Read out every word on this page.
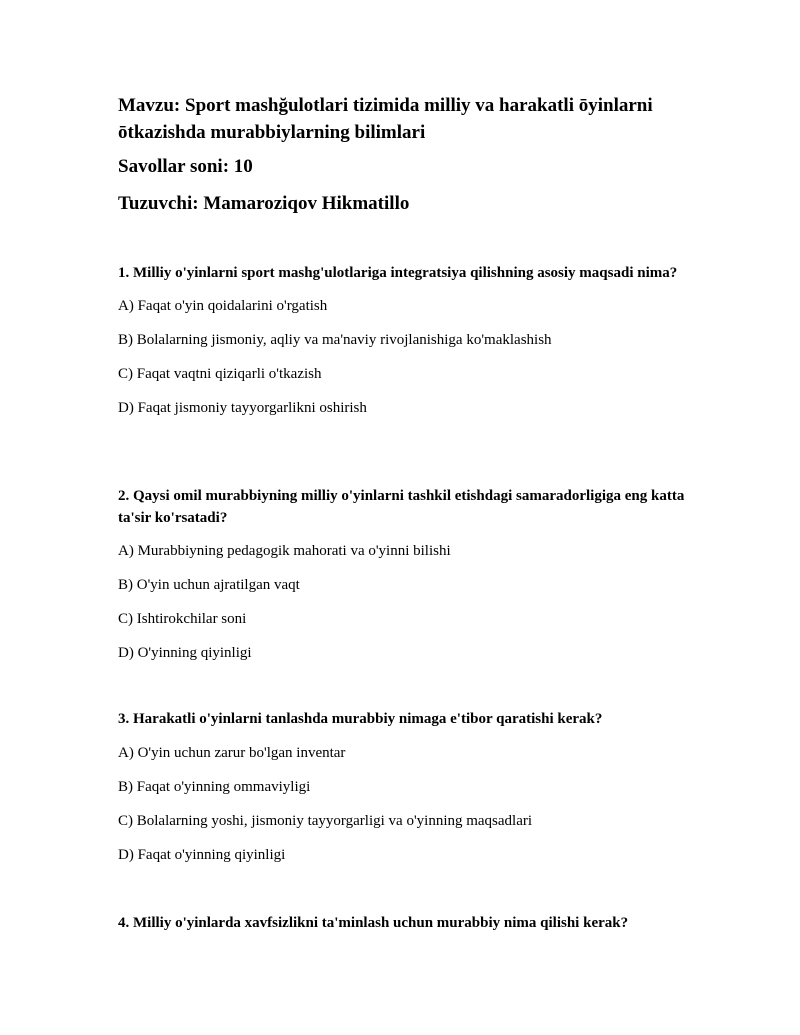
Mavzu: Sport mashğulotlari tizimida milliy va harakatli ōyinlarni ōtkazishda murabbiylarning bilimlari

Savollar soni: 10

Tuzuvchi: Mamaroziqov Hikmatillo

1. Milliy o'yinlarni sport mashg'ulotlariga integratsiya qilishning asosiy maqsadi nima?

A) Faqat o'yin qoidalarini o'rgatish
B) Bolalarning jismoniy, aqliy va ma'naviy rivojlanishiga ko'maklashish
C) Faqat vaqtni qiziqarli o'tkazish
D) Faqat jismoniy tayyorgarlikni oshirish

2. Qaysi omil murabbiyning milliy o'yinlarni tashkil etishdagi samaradorligiga eng katta ta'sir ko'rsatadi?

A) Murabbiyning pedagogik mahorati va o'yinni bilishi
B) O'yin uchun ajratilgan vaqt
C) Ishtirokchilar soni
D) O'yinning qiyinligi

3. Harakatli o'yinlarni tanlashda murabbiy nimaga e'tibor qaratishi kerak?

A) O'yin uchun zarur bo'lgan inventar
B) Faqat o'yinning ommaviyligi
C) Bolalarning yoshi, jismoniy tayyorgarligi va o'yinning maqsadlari
D) Faqat o'yinning qiyinligi

4. Milliy o'yinlarda xavfsizlikni ta'minlash uchun murabbiy nima qilishi kerak?
